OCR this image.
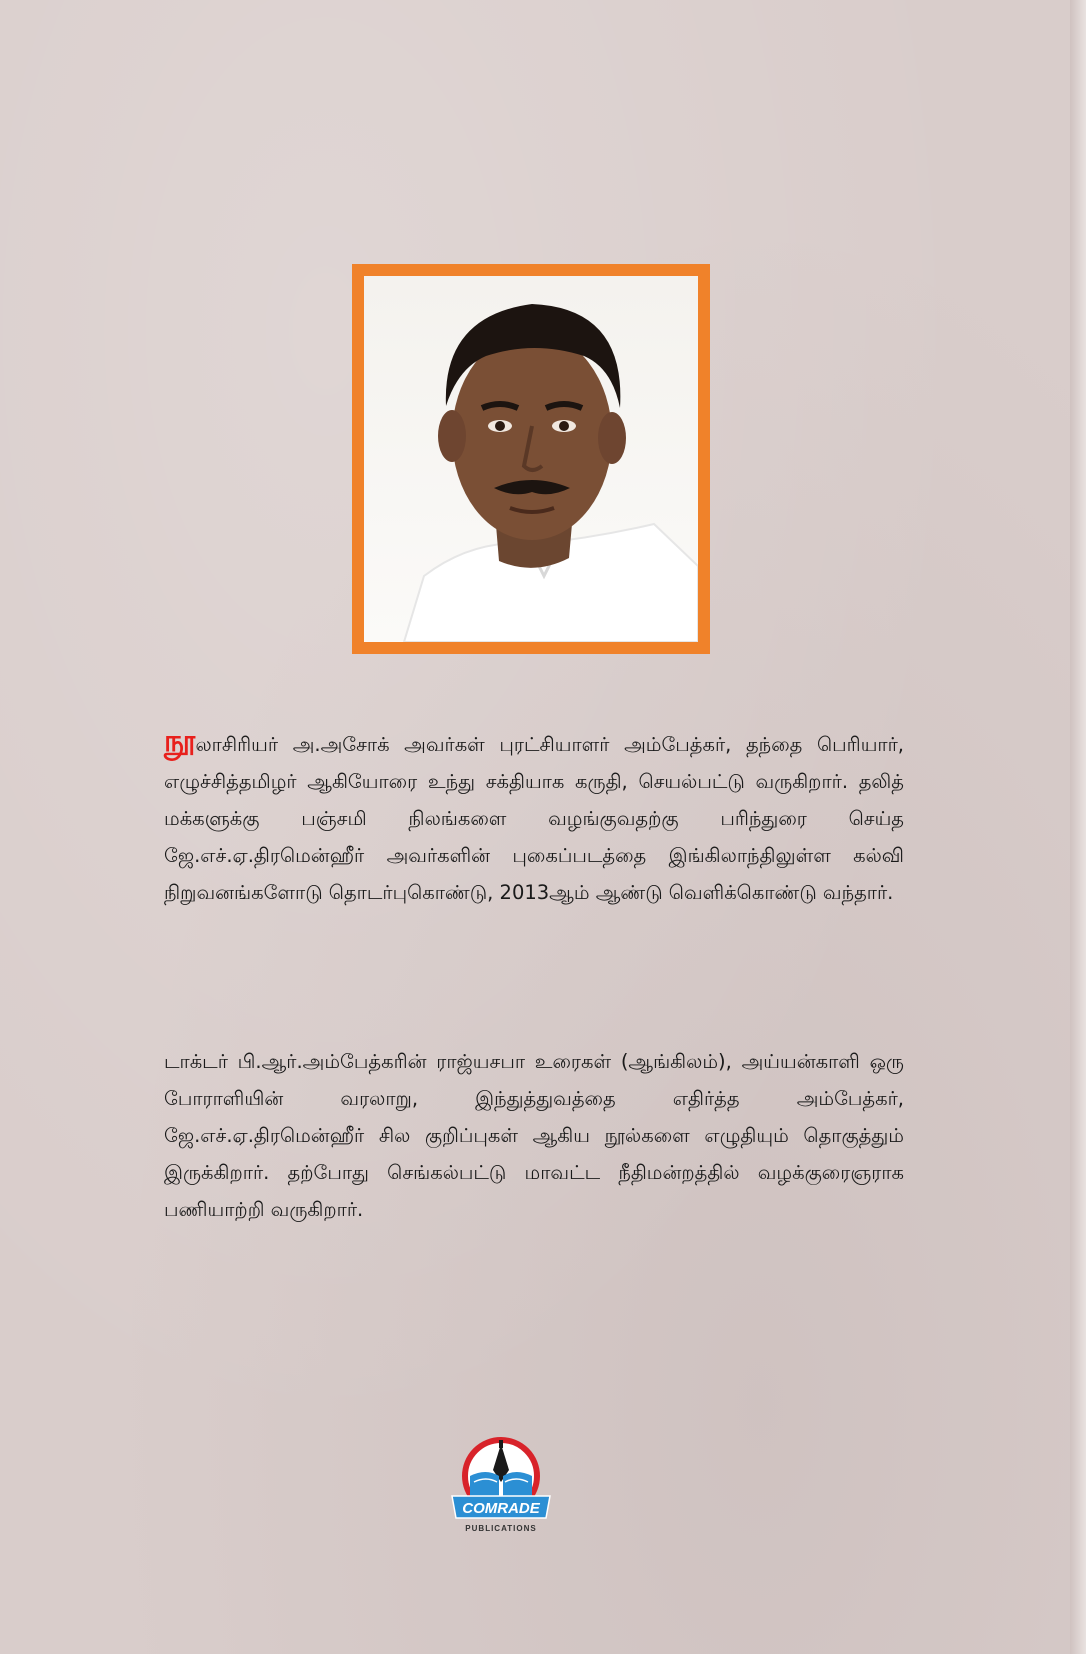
நூலாசிரியர் அ.அசோக் அவர்கள் புரட்சியாளர் அம்பேத்கர், தந்தை பெரியார், எழுச்சித்தமிழர் ஆகியோரை உந்து சக்தியாக கருதி, செயல்பட்டு வருகிறார். தலித் மக்களுக்கு பஞ்சமி நிலங்களை வழங்குவதற்கு பரிந்துரை செய்த ஜே.எச்.ஏ.திரமென்ஹீர் அவர்களின் புகைப்படத்தை இங்கிலாந்திலுள்ள கல்வி நிறுவனங்களோடு தொடர்புகொண்டு, 2013ஆம் ஆண்டு வெளிக்கொண்டு வந்தார்.

டாக்டர் பி.ஆர்.அம்பேத்கரின் ராஜ்யசபா உரைகள் (ஆங்கிலம்), அய்யன்காளி ஒரு போராளியின் வரலாறு, இந்துத்துவத்தை எதிர்த்த அம்பேத்கர், ஜே.எச்.ஏ.திரமென்ஹீர் சில குறிப்புகள் ஆகிய நூல்களை எழுதியும் தொகுத்தும் இருக்கிறார். தற்போது செங்கல்பட்டு மாவட்ட நீதிமன்றத்தில் வழக்குரைஞராக பணியாற்றி வருகிறார்.

COMRADE
PUBLICATIONS
